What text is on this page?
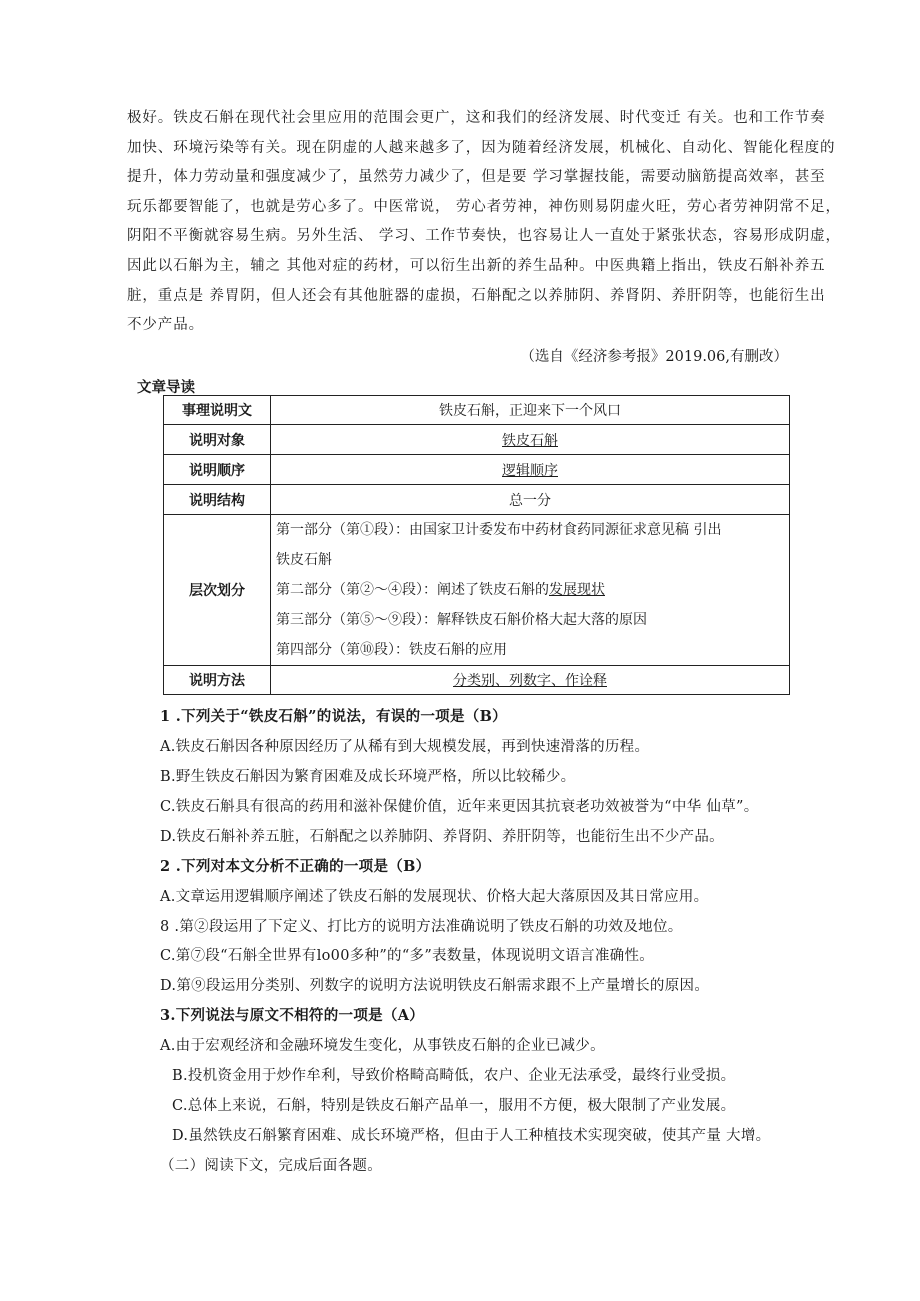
极好。铁皮石斛在现代社会里应用的范围会更广，这和我们的经济发展、时代变迁 有关。也和工作节奏
加快、环境污染等有关。现在阴虚的人越来越多了，因为随着经济发展，机械化、自动化、智能化程度的
提升，体力劳动量和强度减少了，虽然劳力减少了，但是要 学习掌握技能，需要动脑筋提高效率，甚至
玩乐都要智能了，也就是劳心多了。中医常说， 劳心者劳神，神伤则易阴虚火旺，劳心者劳神阴常不足，
阴阳不平衡就容易生病。另外生活、 学习、工作节奏快，也容易让人一直处于紧张状态，容易形成阴虚，
因此以石斛为主，辅之 其他对症的药材，可以衍生出新的养生品种。中医典籍上指出，铁皮石斛补养五
脏，重点是 养胃阴，但人还会有其他脏器的虚损，石斛配之以养肺阴、养肾阴、养肝阴等，也能衍生出
不少产品。
（选自《经济参考报》2019.06,有删改）
文章导读
事理说明文	铁皮石斛，正迎来下一个风口
说明对象	铁皮石斛
说明顺序	逻辑顺序
说明结构	总一分
层次划分	第一部分（第①段）：由国家卫计委发布中药材食药同源征求意见稿 引出
铁皮石斛
第二部分（第②～④段）：阐述了铁皮石斛的发展现状
第三部分（第⑤～⑨段）：解释铁皮石斛价格大起大落的原因
第四部分（第⑩段）：铁皮石斛的应用

说明方法	分类别、列数字、作诠释
1 .下列关于“铁皮石斛”的说法，有误的一项是（B）
A.铁皮石斛因各种原因经历了从稀有到大规模发展，再到快速滑落的历程。
B.野生铁皮石斛因为繁育困难及成长环境严格，所以比较稀少。
C.铁皮石斛具有很高的药用和滋补保健价值，近年来更因其抗衰老功效被誉为“中华 仙草”。
D.铁皮石斛补养五脏，石斛配之以养肺阴、养肾阴、养肝阴等，也能衍生出不少产品。
2 .下列对本文分析不正确的一项是（B）
A.文章运用逻辑顺序阐述了铁皮石斛的发展现状、价格大起大落原因及其日常应用。
8 .第②段运用了下定义、打比方的说明方法准确说明了铁皮石斛的功效及地位。
C.第⑦段“石斛全世界有lo00多种”的“多”表数量，体现说明文语言准确性。
D.第⑨段运用分类别、列数字的说明方法说明铁皮石斛需求跟不上产量增长的原因。
3.下列说法与原文不相符的一项是（A）
A.由于宏观经济和金融环境发生变化，从事铁皮石斛的企业已减少。
B.投机资金用于炒作牟利，导致价格畸高畸低，农户、企业无法承受，最终行业受损。
C.总体上来说，石斛，特别是铁皮石斛产品单一，服用不方便，极大限制了产业发展。
D.虽然铁皮石斛繁育困难、成长环境严格，但由于人工种植技术实现突破，使其产量 大增。
（二）阅读下文，完成后面各题。
